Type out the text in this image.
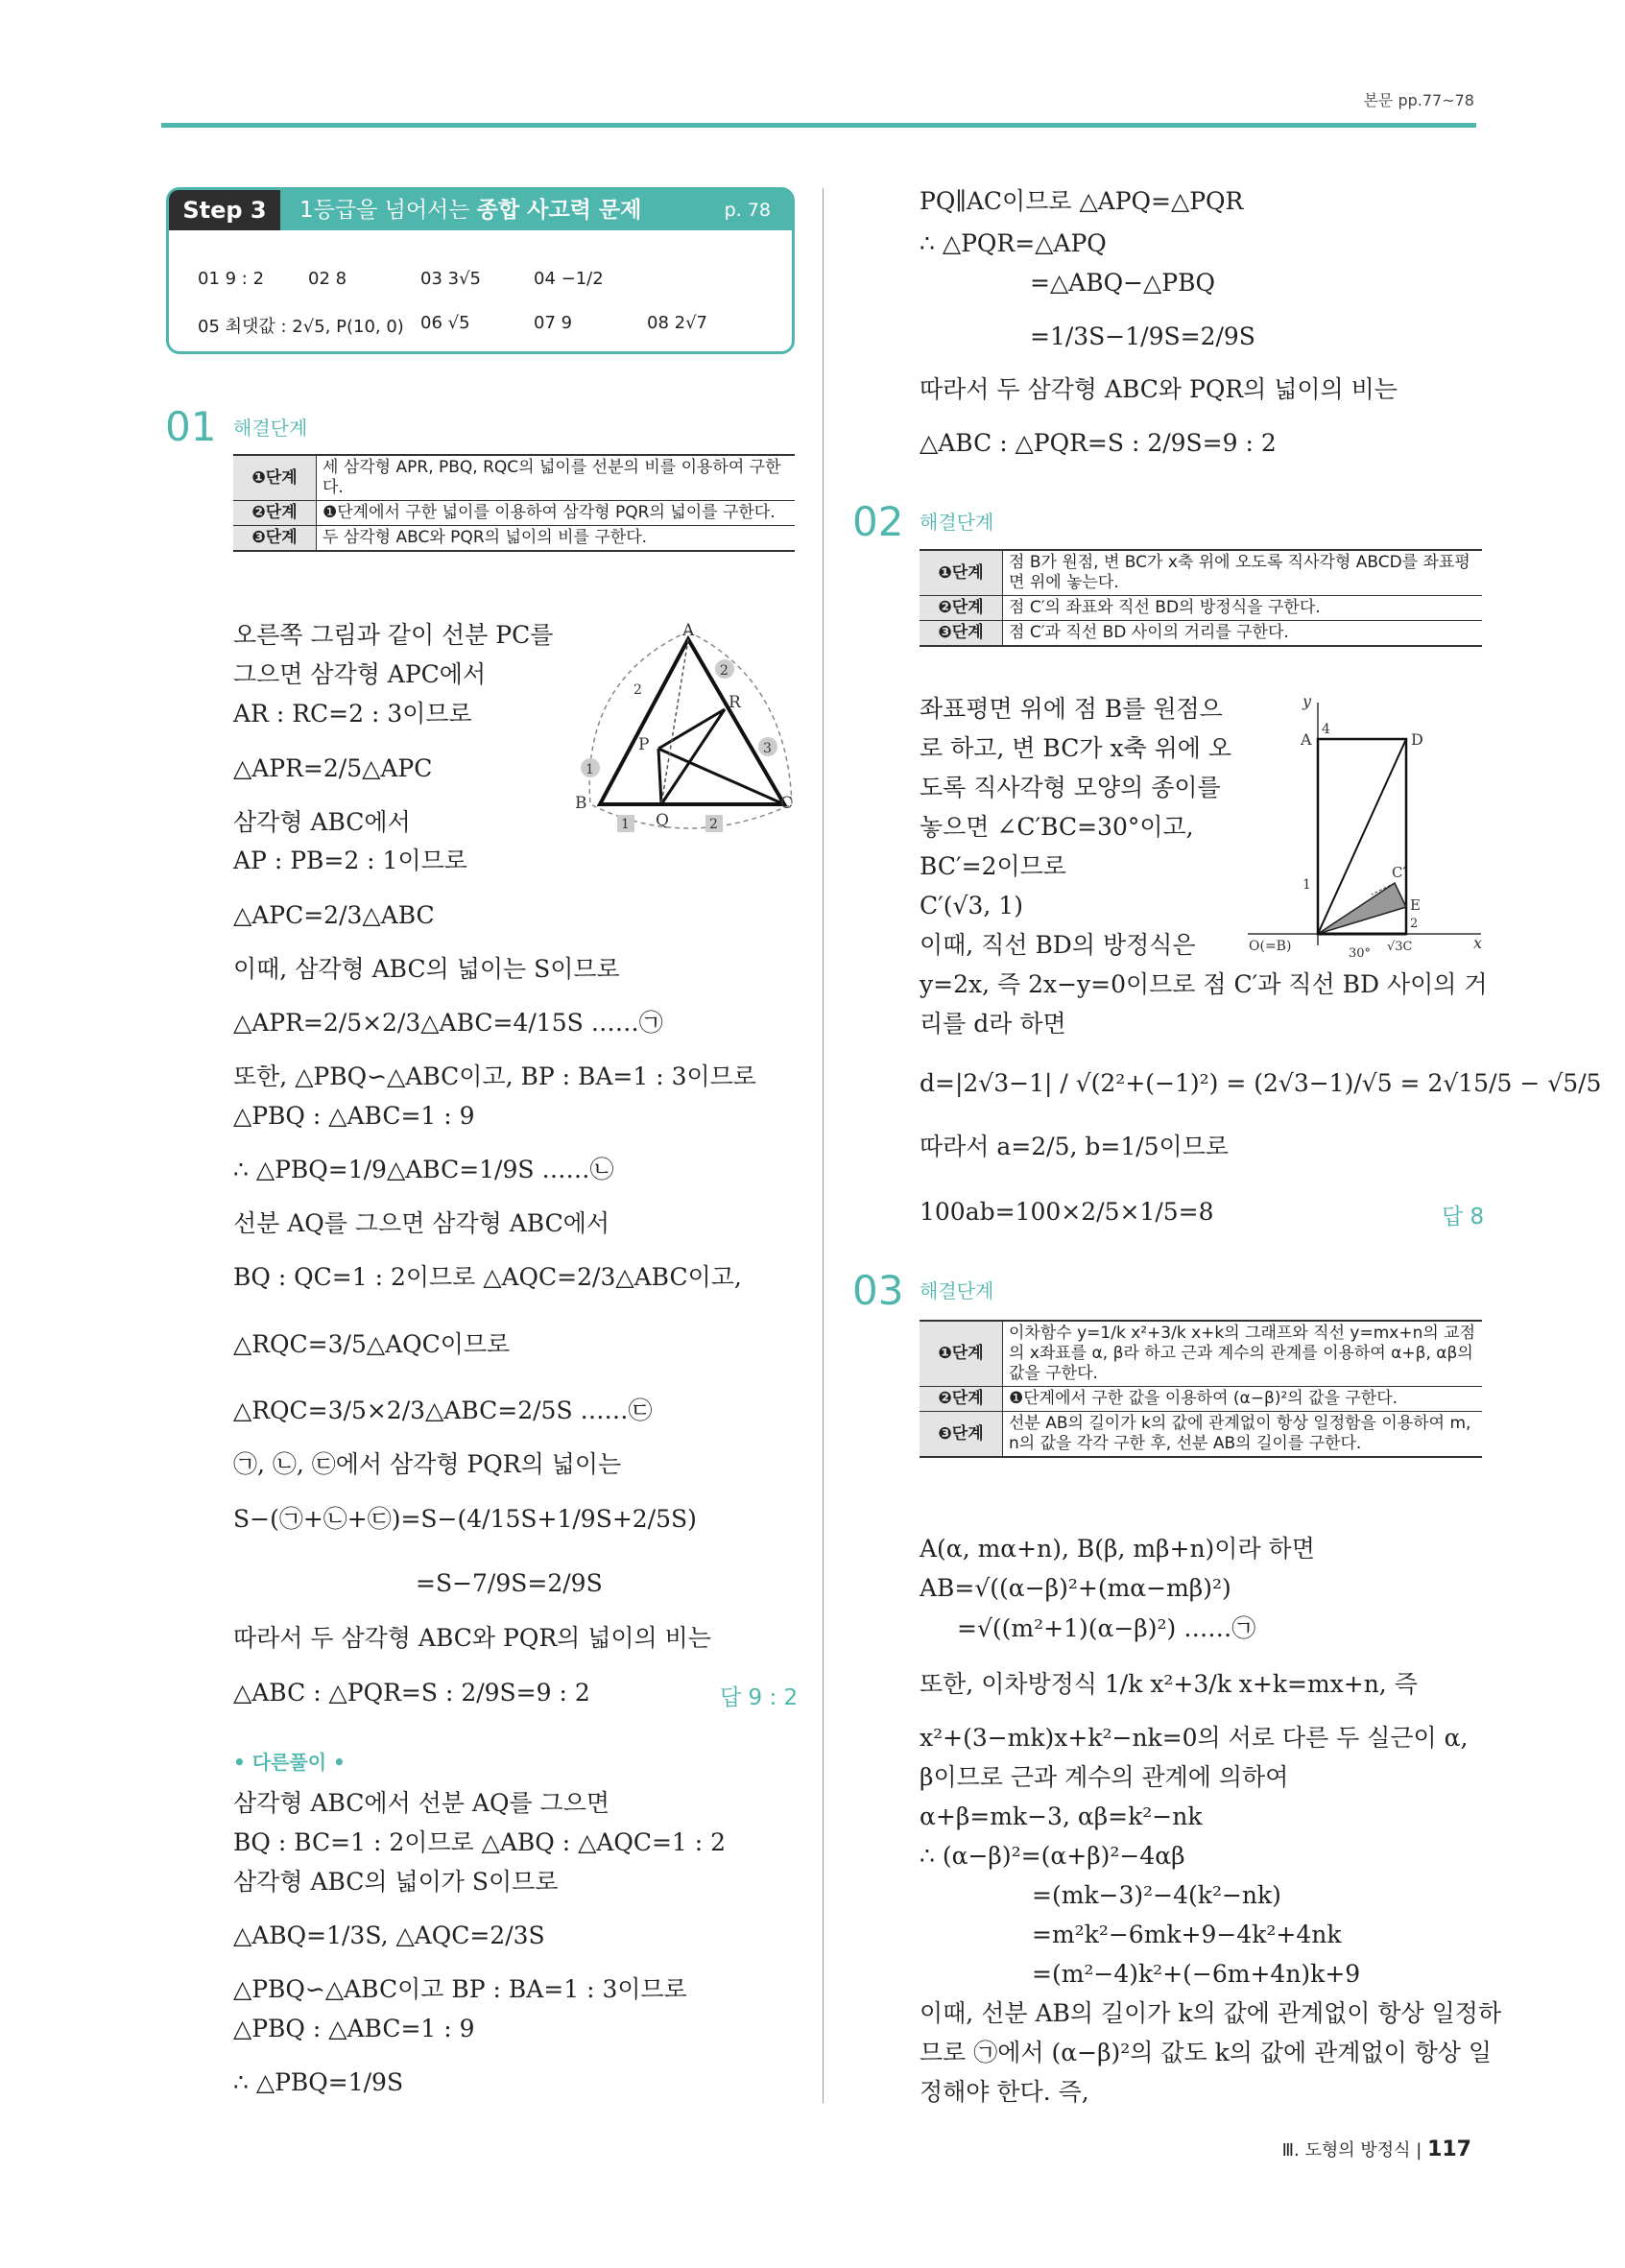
본문 pp.77~78
Step 3	1등급을 넘어서는 종합 사고력 문제	p. 78
01 9 : 2	02 8	03 3√5	04 −1/2
05 최댓값 : 2√5, P(10, 0) 06 √5	07 9	08 2√7
01 해결단계
❶단계	세 삼각형 APR, PBQ, RQC의 넓이를 선분의 비를 이용하여 구한다.
❷단계	❶단계에서 구한 넓이를 이용하여 삼각형 PQR의 넓이를 구한다.
❸단계	두 삼각형 ABC와 PQR의 넓이의 비를 구한다.
A
B	C
P
Q
R
2
3
1
1	2
2
오른쪽 그림과 같이 선분 PC를
그으면 삼각형 APC에서
AR : RC=2 : 3이므로
△APR=2/5△APC
삼각형 ABC에서
AP : PB=2 : 1이므로
△APC=2/3△ABC
이때, 삼각형 ABC의 넓이는 S이므로
△APR=2/5×2/3△ABC=4/15S ……㉠
또한, △PBQ∽△ABC이고, BP : BA=1 : 3이므로
△PBQ : △ABC=1 : 9
∴ △PBQ=1/9△ABC=1/9S ……㉡
선분 AQ를 그으면 삼각형 ABC에서
BQ : QC=1 : 2이므로 △AQC=2/3△ABC이고,
△RQC=3/5△AQC이므로
△RQC=3/5×2/3△ABC=2/5S ……㉢
㉠, ㉡, ㉢에서 삼각형 PQR의 넓이는
S−(㉠+㉡+㉢)=S−(4/15S+1/9S+2/5S)
=S−7/9S=2/9S
따라서 두 삼각형 ABC와 PQR의 넓이의 비는
△ABC : △PQR=S : 2/9S=9 : 2	답 9 : 2
• 다른풀이 •
삼각형 ABC에서 선분 AQ를 그으면
BQ : BC=1 : 2이므로 △ABQ : △AQC=1 : 2
삼각형 ABC의 넓이가 S이므로
△ABQ=1/3S, △AQC=2/3S
△PBQ∽△ABC이고 BP : BA=1 : 3이므로
△PBQ : △ABC=1 : 9
∴ △PBQ=1/9S
PQ∥AC이므로 △APQ=△PQR
∴ △PQR=△APQ
=△ABQ−△PBQ
=1/3S−1/9S=2/9S
따라서 두 삼각형 ABC와 PQR의 넓이의 비는
△ABC : △PQR=S : 2/9S=9 : 2
02 해결단계
❶단계	점 B가 원점, 변 BC가 x축 위에 오도록 직사각형 ABCD를 좌표평면 위에 놓는다.
❷단계	점 C′의 좌표와 직선 BD의 방정식을 구한다.
❸단계	점 C′과 직선 BD 사이의 거리를 구한다.
y
x
A
4
D
1
C′
E
2
O(=B)	30° √3C
좌표평면 위에 점 B를 원점으
로 하고, 변 BC가 x축 위에 오
도록 직사각형 모양의 종이를
놓으면 ∠C′BC=30°이고,
BC′=2이므로
C′(√3, 1)
이때, 직선 BD의 방정식은
y=2x, 즉 2x−y=0이므로 점 C′과 직선 BD 사이의 거
리를 d라 하면
d=|2√3−1| / √(2²+(−1)²) = (2√3−1)/√5 = 2√15/5 − √5/5
따라서 a=2/5, b=1/5이므로
100ab=100×2/5×1/5=8	답 8
03 해결단계
❶단계	이차함수 y=1/k x²+3/k x+k의 그래프와 직선 y=mx+n의 교점의 x좌표를 α, β라 하고 근과 계수의 관계를 이용하여 α+β, αβ의 값을 구한다.
❷단계	❶단계에서 구한 값을 이용하여 (α−β)²의 값을 구한다.
❸단계	선분 AB의 길이가 k의 값에 관계없이 항상 일정함을 이용하여 m, n의 값을 각각 구한 후, 선분 AB의 길이를 구한다.
A(α, mα+n), B(β, mβ+n)이라 하면
AB=√((α−β)²+(mα−mβ)²)
=√((m²+1)(α−β)²) ……㉠
또한, 이차방정식 1/k x²+3/k x+k=mx+n, 즉
x²+(3−mk)x+k²−nk=0의 서로 다른 두 실근이 α,
β이므로 근과 계수의 관계에 의하여
α+β=mk−3, αβ=k²−nk
∴ (α−β)²=(α+β)²−4αβ
=(mk−3)²−4(k²−nk)
=m²k²−6mk+9−4k²+4nk
=(m²−4)k²+(−6m+4n)k+9
이때, 선분 AB의 길이가 k의 값에 관계없이 항상 일정하
므로 ㉠에서 (α−β)²의 값도 k의 값에 관계없이 항상 일
정해야 한다. 즉,
Ⅲ. 도형의 방정식 | 117
